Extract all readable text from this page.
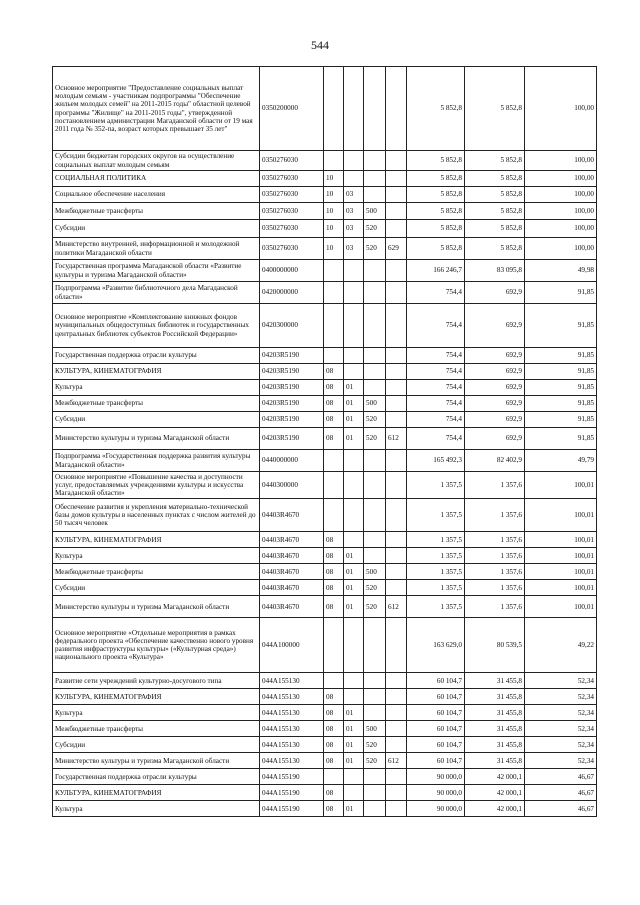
544
Основное мероприятие "Предоставление социальных выплат молодым семьям - участникам подпрограммы "Обеспечение жильем молодых семей" на 2011-2015 годы" областной целевой программы "Жилище" на 2011-2015 годы", утвержденной постановлением администрации Магаданской области от 19 мая 2011 года № 352-па, возраст которых превышает 35 лет"	0350200000					5 852,8	5 852,8	100,00
Субсидии бюджетам городских округов на осуществление социальных выплат молодым семьям	0350276030					5 852,8	5 852,8	100,00
СОЦИАЛЬНАЯ ПОЛИТИКА	0350276030	10				5 852,8	5 852,8	100,00
Социальное обеспечение населения	0350276030	10	03			5 852,8	5 852,8	100,00
Межбюджетные трансферты	0350276030	10	03	500		5 852,8	5 852,8	100,00
Субсидии	0350276030	10	03	520		5 852,8	5 852,8	100,00
Министерство внутренней, информационной и молодежной политики Магаданской области	0350276030	10	03	520	629	5 852,8	5 852,8	100,00
Государственная программа Магаданской области «Развитие культуры и туризма Магаданской области»	0400000000					166 246,7	83 095,8	49,98
Подпрограмма «Развитие библиотечного дела Магаданской области»	0420000000					754,4	692,9	91,85
Основное мероприятие «Комплектование книжных фондов муниципальных общедоступных библиотек и государственных центральных библиотек субъектов Российской Федерации»	0420300000					754,4	692,9	91,85
Государственная поддержка отрасли культуры	04203R5190					754,4	692,9	91,85
КУЛЬТУРА, КИНЕМАТОГРАФИЯ	04203R5190	08				754,4	692,9	91,85
Культура	04203R5190	08	01			754,4	692,9	91,85
Межбюджетные трансферты	04203R5190	08	01	500		754,4	692,9	91,85
Субсидии	04203R5190	08	01	520		754,4	692,9	91,85
Министерство культуры и туризма Магаданской области	04203R5190	08	01	520	612	754,4	692,9	91,85
Подпрограмма «Государственная поддержка развития культуры Магаданской области»	0440000000					165 492,3	82 402,9	49,79
Основное мероприятие «Повышение качества и доступности услуг, предоставляемых учреждениями культуры и искусства Магаданской области»	0440300000					1 357,5	1 357,6	100,01
Обеспечение развития и укрепления материально-технической базы домов культуры в населенных пунктах с числом жителей до 50 тысяч человек	04403R4670					1 357,5	1 357,6	100,01
КУЛЬТУРА, КИНЕМАТОГРАФИЯ	04403R4670	08				1 357,5	1 357,6	100,01
Культура	04403R4670	08	01			1 357,5	1 357,6	100,01
Межбюджетные трансферты	04403R4670	08	01	500		1 357,5	1 357,6	100,01
Субсидии	04403R4670	08	01	520		1 357,5	1 357,6	100,01
Министерство культуры и туризма Магаданской области	04403R4670	08	01	520	612	1 357,5	1 357,6	100,01
Основное мероприятие «Отдельные мероприятия в рамках федерального проекта «Обеспечение качественно нового уровня развития инфраструктуры культуры» («Культурная среда») национального проекта «Культура»	044A100000					163 629,0	80 539,5	49,22
Развитие сети учреждений культурно-досугового типа	044A155130					60 104,7	31 455,8	52,34
КУЛЬТУРА, КИНЕМАТОГРАФИЯ	044A155130	08				60 104,7	31 455,8	52,34
Культура	044A155130	08	01			60 104,7	31 455,8	52,34
Межбюджетные трансферты	044A155130	08	01	500		60 104,7	31 455,8	52,34
Субсидии	044A155130	08	01	520		60 104,7	31 455,8	52,34
Министерство культуры и туризма Магаданской области	044A155130	08	01	520	612	60 104,7	31 455,8	52,34
Государственная поддержка отрасли культуры	044A155190					90 000,0	42 000,1	46,67
КУЛЬТУРА, КИНЕМАТОГРАФИЯ	044A155190	08				90 000,0	42 000,1	46,67
Культура	044A155190	08	01			90 000,0	42 000,1	46,67
